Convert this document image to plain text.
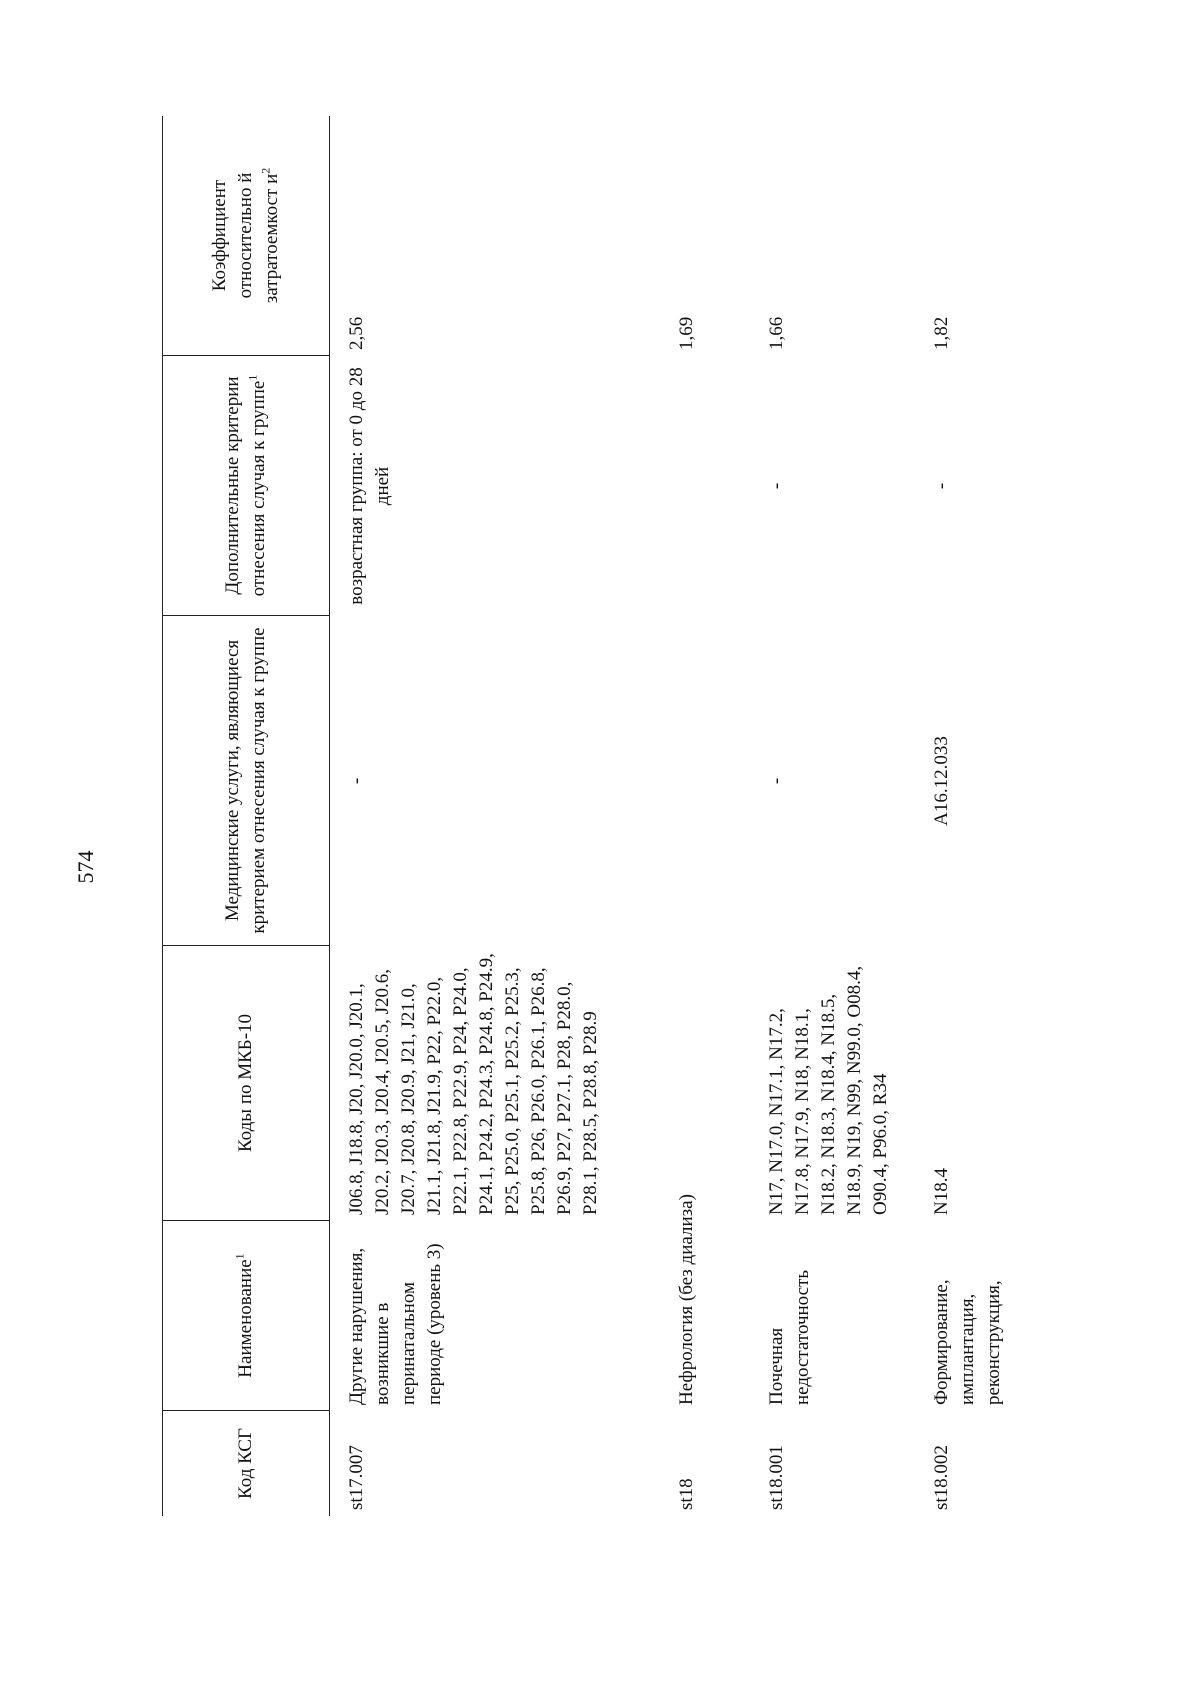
574
Код КСГ
Наименование$^1$
Коды по МКБ-10
Медицинские услуги, являющиеся критерием отнесения случая к группе
Дополнительные критерии отнесения случая к группе$^1$
Коэффициент относительно й затратоемкост $и^2$
st17.007
Другие нарушения, возникшие в перинатальном периоде (уровень 3)
J06.8, J18.8, J20, J20.0, J20.1, J20.2, J20.3, J20.4, J20.5, J20.6, J20.7, J20.8, J20.9, J21, J21.0, J21.1, J21.8, J21.9, P22, P22.0, P22.1, P22.8, P22.9, P24, P24.0, P24.1, P24.2, P24.3, P24.8, P24.9, P25, P25.0, P25.1, P25.2, P25.3, P25.8, P26, P26.0, P26.1, P26.8, P26.9, P27, P27.1, P28, P28.0, P28.1, P28.5, P28.8, P28.9
-
возрастная группа: от 0 до 28 дней
2,56
st18
Нефрология (без диализа)
1,69
st18.001
Почечная недостаточность
N17, N17.0, N17.1, N17.2, N17.8, N17.9, N18, N18.1, N18.2, N18.3, N18.4, N18.5, N18.9, N19, N99, N99.0, O08.4, O90.4, P96.0, R34
-
-
1,66
st18.002
Формирование, имплантация, реконструкция,
N18.4
A16.12.033
-
1,82
